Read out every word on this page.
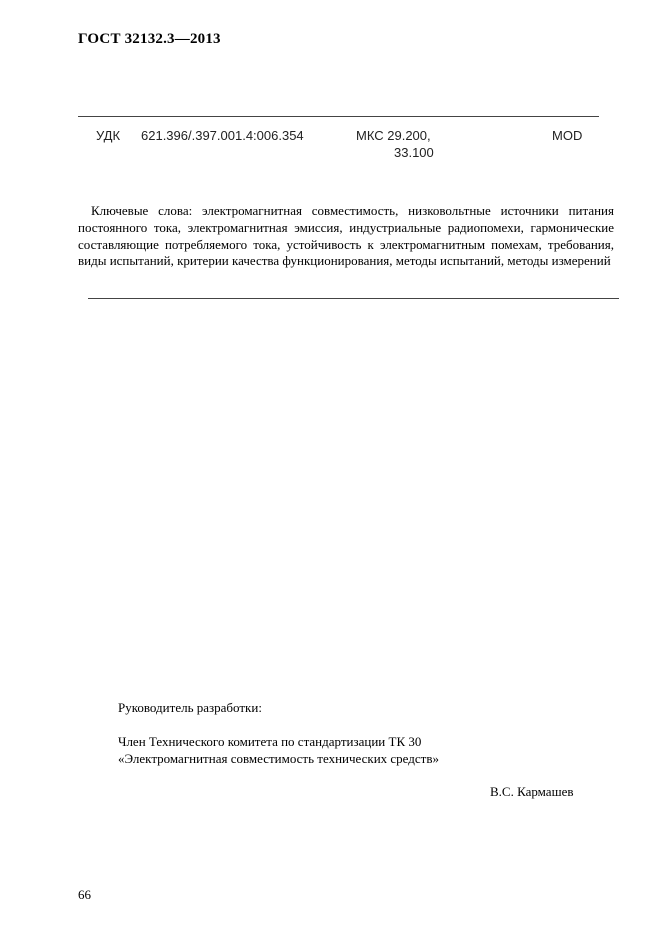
ГОСТ 32132.3—2013
УДК 621.396/.397.001.4:006.354	МКС 29.200,
33.100
MOD
Ключевые слова: электромагнитная совместимость, низковольтные источники питания постоянного тока, электромагнитная эмиссия, индустриальные радиопомехи, гармонические составляющие потребляемого тока, устойчивость к электромагнитным помехам, требования, виды испытаний, критерии качества функционирования, методы испытаний, методы измерений
Руководитель разработки:
Член Технического комитета по стандартизации ТК 30
«Электромагнитная совместимость технических средств»
В.С. Кармашев
66
